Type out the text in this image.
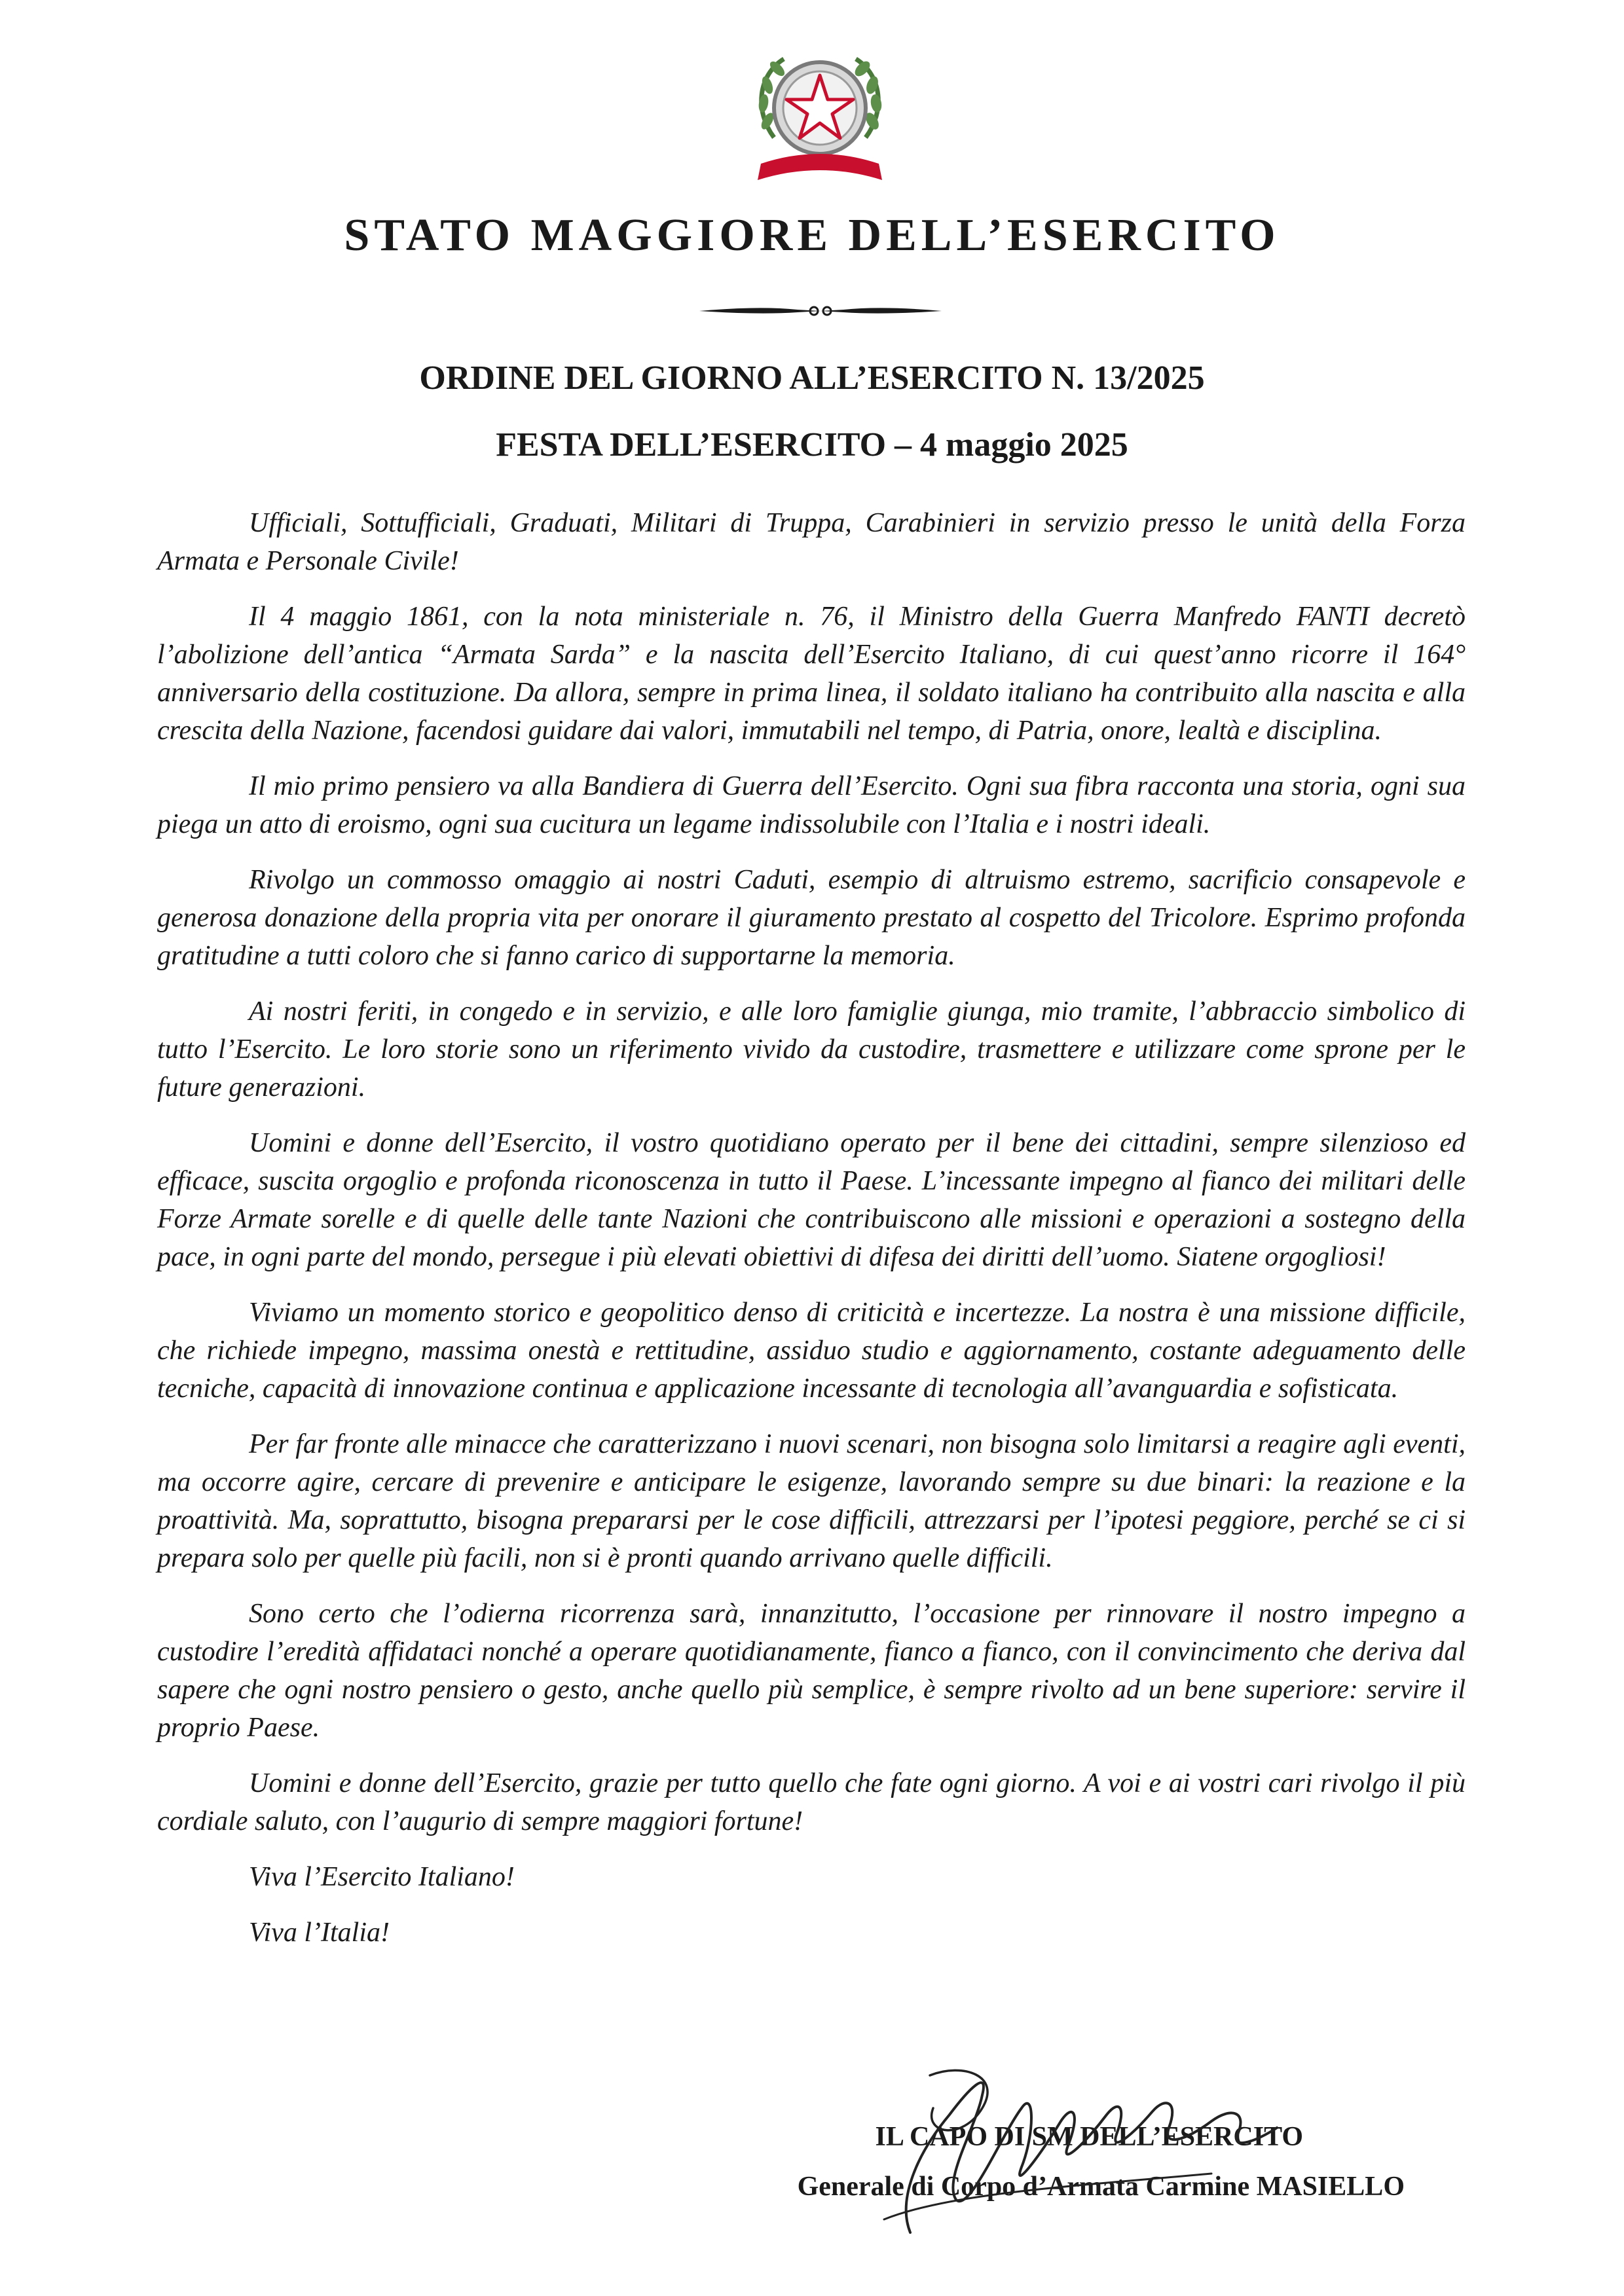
STATO MAGGIORE DELL’ESERCITO
ORDINE DEL GIORNO ALL’ESERCITO N. 13/2025
FESTA DELL’ESERCITO – 4 maggio 2025

Ufficiali, Sottufficiali, Graduati, Militari di Truppa, Carabinieri in servizio presso le unità della Forza Armata e Personale Civile!

Il 4 maggio 1861, con la nota ministeriale n. 76, il Ministro della Guerra Manfredo FANTI decretò l’abolizione dell’antica “Armata Sarda” e la nascita dell’Esercito Italiano, di cui quest’anno ricorre il 164° anniversario della costituzione. Da allora, sempre in prima linea, il soldato italiano ha contribuito alla nascita e alla crescita della Nazione, facendosi guidare dai valori, immutabili nel tempo, di Patria, onore, lealtà e disciplina.

Il mio primo pensiero va alla Bandiera di Guerra dell’Esercito. Ogni sua fibra racconta una storia, ogni sua piega un atto di eroismo, ogni sua cucitura un legame indissolubile con l’Italia e i nostri ideali.

Rivolgo un commosso omaggio ai nostri Caduti, esempio di altruismo estremo, sacrificio consapevole e generosa donazione della propria vita per onorare il giuramento prestato al cospetto del Tricolore. Esprimo profonda gratitudine a tutti coloro che si fanno carico di supportarne la memoria.

Ai nostri feriti, in congedo e in servizio, e alle loro famiglie giunga, mio tramite, l’abbraccio simbolico di tutto l’Esercito. Le loro storie sono un riferimento vivido da custodire, trasmettere e utilizzare come sprone per le future generazioni.

Uomini e donne dell’Esercito, il vostro quotidiano operato per il bene dei cittadini, sempre silenzioso ed efficace, suscita orgoglio e profonda riconoscenza in tutto il Paese. L’incessante impegno al fianco dei militari delle Forze Armate sorelle e di quelle delle tante Nazioni che contribuiscono alle missioni e operazioni a sostegno della pace, in ogni parte del mondo, persegue i più elevati obiettivi di difesa dei diritti dell’uomo. Siatene orgogliosi!

Viviamo un momento storico e geopolitico denso di criticità e incertezze. La nostra è una missione difficile, che richiede impegno, massima onestà e rettitudine, assiduo studio e aggiornamento, costante adeguamento delle tecniche, capacità di innovazione continua e applicazione incessante di tecnologia all’avanguardia e sofisticata.

Per far fronte alle minacce che caratterizzano i nuovi scenari, non bisogna solo limitarsi a reagire agli eventi, ma occorre agire, cercare di prevenire e anticipare le esigenze, lavorando sempre su due binari: la reazione e la proattività. Ma, soprattutto, bisogna prepararsi per le cose difficili, attrezzarsi per l’ipotesi peggiore, perché se ci si prepara solo per quelle più facili, non si è pronti quando arrivano quelle difficili.

Sono certo che l’odierna ricorrenza sarà, innanzitutto, l’occasione per rinnovare il nostro impegno a custodire l’eredità affidataci nonché a operare quotidianamente, fianco a fianco, con il convincimento che deriva dal sapere che ogni nostro pensiero o gesto, anche quello più semplice, è sempre rivolto ad un bene superiore: servire il proprio Paese.

Uomini e donne dell’Esercito, grazie per tutto quello che fate ogni giorno. A voi e ai vostri cari rivolgo il più cordiale saluto, con l’augurio di sempre maggiori fortune!

Viva l’Esercito Italiano!

Viva l’Italia!

IL CAPO DI SM DELL’ESERCITO
Generale di Corpo d’Armata Carmine MASIELLO
